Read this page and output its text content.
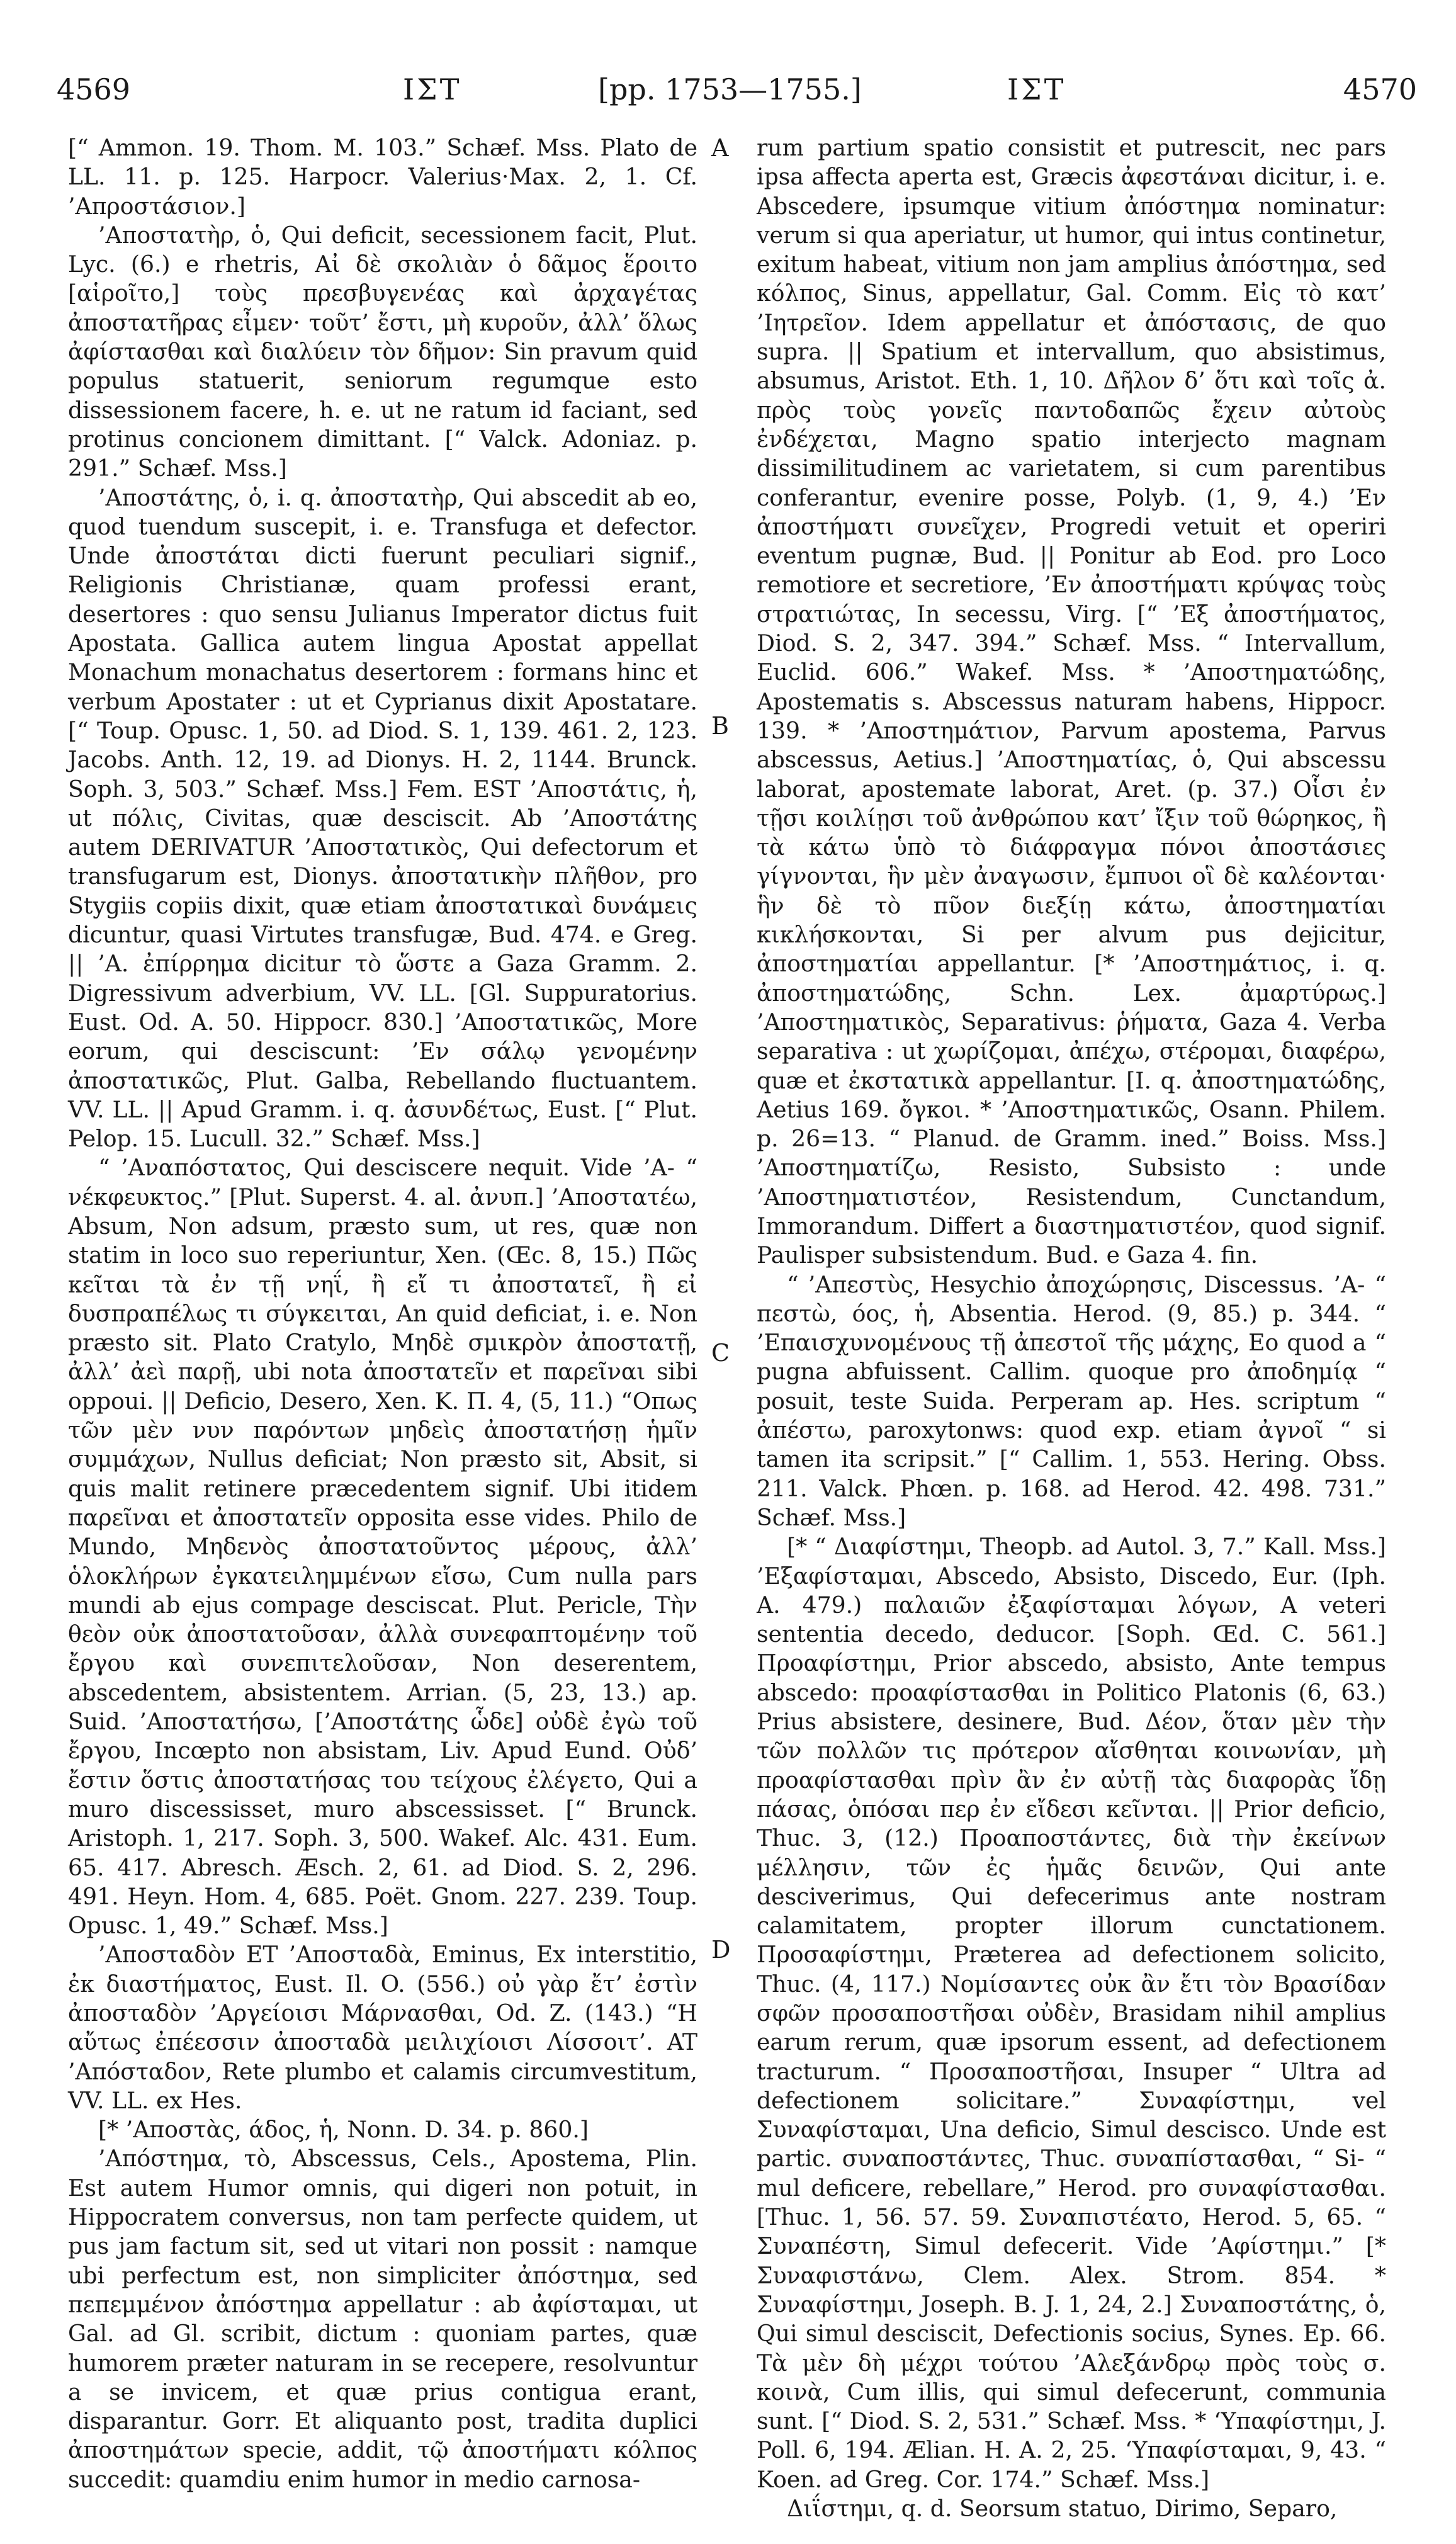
4569	ΙΣΤ	[pp. 1753—1755.]	ΙΣΤ	4570

[“ Ammon. 19. Thom. M. 103.” Schæf. Mss. Plato de LL. 11. p. 125. Harpocr. Valerius·Max. 2, 1. Cf. ’Απροστάσιον.]

’Αποστατὴρ, ὁ, Qui deficit, secessionem facit, Plut. Lyc. (6.) e rhetris, Αἰ δὲ σκολιὰν ὁ δᾶμος ἕροιτο [αἱροῖτο,] τοὺς πρεσβυγενέας καὶ ἀρχαγέτας ἀποστατῆρας εἶμεν· τοῦτ’ ἔστι, μὴ κυροῦν, ἀλλ’ ὅλως ἀφίστασθαι καὶ διαλύειν τὸν δῆμον: Sin pravum quid populus statuerit, seniorum regumque esto dissessionem facere, h. e. ut ne ratum id faciant, sed protinus concionem dimittant. [“ Valck. Adoniaz. p. 291.” Schæf. Mss.]

’Αποστάτης, ὁ, i. q. ἀποστατὴρ, Qui abscedit ab eo, quod tuendum suscepit, i. e. Transfuga et defector. Unde ἀποστάται dicti fuerunt peculiari signif., Religionis Christianæ, quam professi erant, desertores : quo sensu Julianus Imperator dictus fuit Apostata. Gallica autem lingua Apostat appellat Monachum monachatus desertorem : formans hinc et verbum Apostater : ut et Cyprianus dixit Apostatare. [“ Toup. Opusc. 1, 50. ad Diod. S. 1, 139. 461. 2, 123. Jacobs. Anth. 12, 19. ad Dionys. H. 2, 1144. Brunck. Soph. 3, 503.” Schæf. Mss.] Fem. EST ’Αποστάτις, ἡ, ut πόλις, Civitas, quæ desciscit. Ab ’Αποστάτης autem DERIVATUR ’Αποστατικὸς, Qui defectorum et transfugarum est, Dionys. ἀποστατικὴν πλῆθον, pro Stygiis copiis dixit, quæ etiam ἀποστατικαὶ δυνάμεις dicuntur, quasi Virtutes transfugæ, Bud. 474. e Greg. || ’Α. ἐπίρρημα dicitur τὸ ὥστε a Gaza Gramm. 2. Digressivum adverbium, VV. LL. [Gl. Suppuratorius. Eust. Od. A. 50. Hippocr. 830.] ’Αποστατικῶς, More eorum, qui desciscunt: ’Εν σάλῳ γενομένην ἀποστατικῶς, Plut. Galba, Rebellando fluctuantem. VV. LL. || Apud Gramm. i. q. ἀσυνδέτως, Eust. [“ Plut. Pelop. 15. Lucull. 32.” Schæf. Mss.]

“ ’Αναπόστατος, Qui desciscere nequit. Vide ’Α- “ νέκφευκτος.” [Plut. Superst. 4. al. ἀνυπ.] ’Αποστατέω, Absum, Non adsum, præsto sum, ut res, quæ non statim in loco suo reperiuntur, Xen. (Œc. 8, 15.) Πῶς κεῖται τὰ ἐν τῇ νηΐ, ἢ εἴ τι ἀποστατεῖ, ἢ εἰ δυσπραπέλως τι σύγκειται, An quid deficiat, i. e. Non præsto sit. Plato Cratylo, Μηδὲ σμικρὸν ἀποστατῇ, ἀλλ’ ἀεὶ παρῇ, ubi nota ἀποστατεῖν et παρεῖναι sibi oppoui. || Deficio, Desero, Xen. K. Π. 4, (5, 11.) “Οπως τῶν μὲν νυν παρόντων μηδεὶς ἀποστατήσῃ ἡμῖν συμμάχων, Nullus deficiat; Non præsto sit, Absit, si quis malit retinere præcedentem signif. Ubi itidem παρεῖναι et ἀποστατεῖν opposita esse vides. Philo de Mundo, Μηδενὸς ἀποστατοῦντος μέρους, ἀλλ’ ὁλοκλήρων ἐγκατειλημμένων εἴσω, Cum nulla pars mundi ab ejus compage desciscat. Plut. Pericle, Τὴν θεὸν οὐκ ἀποστατοῦσαν, ἀλλὰ συνεφαπτομένην τοῦ ἔργου καὶ συνεπιτελοῦσαν, Non deserentem, abscedentem, absistentem. Arrian. (5, 23, 13.) ap. Suid. ’Αποστατήσω, [’Αποστάτης ὧδε] οὐδὲ ἐγὼ τοῦ ἔργου, Incœpto non absistam, Liv. Apud Eund. Οὐδ’ ἔστιν ὅστις ἀποστατήσας του τείχους ἐλέγετο, Qui a muro discessisset, muro abscessisset. [“ Brunck. Aristoph. 1, 217. Soph. 3, 500. Wakef. Alc. 431. Eum. 65. 417. Abresch. Æsch. 2, 61. ad Diod. S. 2, 296. 491. Heyn. Hom. 4, 685. Poët. Gnom. 227. 239. Toup. Opusc. 1, 49.” Schæf. Mss.]

’Αποσταδὸν ET ’Αποσταδὰ, Eminus, Ex interstitio, ἐκ διαστήματος, Eust. Il. O. (556.) οὐ γὰρ ἔτ’ ἐστὶν ἀποσταδὸν ’Αργείοισι Μάρνασθαι, Od. Z. (143.) “Η αὔτως ἐπέεσσιν ἀποσταδὰ μειλιχίοισι Λίσσοιτ’. AT ’Απόσταδον, Rete plumbo et calamis circumvestitum, VV. LL. ex Hes.

[* ’Αποστὰς, άδος, ἡ, Nonn. D. 34. p. 860.]

’Απόστημα, τὸ, Abscessus, Cels., Apostema, Plin. Est autem Humor omnis, qui digeri non potuit, in Hippocratem conversus, non tam perfecte quidem, ut pus jam factum sit, sed ut vitari non possit : namque ubi perfectum est, non simpliciter ἀπόστημα, sed πεπεμμένον ἀπόστημα appellatur : ab ἀφίσταμαι, ut Gal. ad Gl. scribit, dictum : quoniam partes, quæ humorem præter naturam in se recepere, resolvuntur a se invicem, et quæ prius contigua erant, disparantur. Gorr. Et aliquanto post, tradita duplici ἀποστημάτων specie, addit, τῷ ἀποστήματι κόλπος succedit: quamdiu enim humor in medio carnosa-

A
B
C
D

rum partium spatio consistit et putrescit, nec pars ipsa affecta aperta est, Græcis ἀφεστάναι dicitur, i. e. Abscedere, ipsumque vitium ἀπόστημα nominatur: verum si qua aperiatur, ut humor, qui intus continetur, exitum habeat, vitium non jam amplius ἀπόστημα, sed κόλπος, Sinus, appellatur, Gal. Comm. Εἰς τὸ κατ’ ’Ιητρεῖον. Idem appellatur et ἀπόστασις, de quo supra. || Spatium et intervallum, quo absistimus, absumus, Aristot. Eth. 1, 10. Δῆλον δ’ ὅτι καὶ τοῖς ἀ. πρὸς τοὺς γονεῖς παντοδαπῶς ἔχειν αὐτοὺς ἐνδέχεται, Magno spatio interjecto magnam dissimilitudinem ac varietatem, si cum parentibus conferantur, evenire posse, Polyb. (1, 9, 4.) ’Εν ἀποστήματι συνεῖχεν, Progredi vetuit et operiri eventum pugnæ, Bud. || Ponitur ab Eod. pro Loco remotiore et secretiore, ’Εν ἀποστήματι κρύψας τοὺς στρατιώτας, In secessu, Virg. [“ ’Εξ ἀποστήματος, Diod. S. 2, 347. 394.” Schæf. Mss. “ Intervallum, Euclid. 606.” Wakef. Mss. * ’Αποστηματώδης, Apostematis s. Abscessus naturam habens, Hippocr. 139. * ’Αποστημάτιον, Parvum apostema, Parvus abscessus, Aetius.] ’Αποστηματίας, ὁ, Qui abscessu laborat, apostemate laborat, Aret. (p. 37.) Οἷσι ἐν τῇσι κοιλίῃσι τοῦ ἀνθρώπου κατ’ ἴξιν τοῦ θώρηκος, ἢ τὰ κάτω ὑπὸ τὸ διάφραγμα πόνοι ἀποστάσιες γίγνονται, ἣν μὲν ἀναγωσιν, ἔμπυοι οἳ δὲ καλέονται· ἣν δὲ τὸ πῦον διεξίῃ κάτω, ἀποστηματίαι κικλήσκονται, Si per alvum pus dejicitur, ἀποστηματίαι appellantur. [* ’Αποστημάτιος, i. q. ἀποστηματώδης, Schn. Lex. ἀμαρτύρως.] ’Αποστηματικὸς, Separativus: ῥήματα, Gaza 4. Verba separativa : ut χωρίζομαι, ἀπέχω, στέρομαι, διαφέρω, quæ et ἐκστατικὰ appellantur. [I. q. ἀποστηματώδης, Aetius 169. ὄγκοι. * ’Αποστηματικῶς, Osann. Philem. p. 26=13. “ Planud. de Gramm. ined.” Boiss. Mss.] ’Αποστηματίζω, Resisto, Subsisto : unde ’Αποστηματιστέον, Resistendum, Cunctandum, Immorandum. Differt a διαστηματιστέον, quod signif. Paulisper subsistendum. Bud. e Gaza 4. fin.

“ ’Απεστὺς, Hesychio ἀποχώρησις, Discessus. ’Α- “ πεστὼ, όος, ἡ, Absentia. Herod. (9, 85.) p. 344. “ ’Επαισχυνομένους τῇ ἀπεστοῖ τῆς μάχης, Eo quod a “ pugna abfuissent. Callim. quoque pro ἀποδημίᾳ “ posuit, teste Suida. Perperam ap. Hes. scriptum “ ἀπέστω, paroxytonws: quod exp. etiam ἀγνοῖ “ si tamen ita scripsit.” [“ Callim. 1, 553. Hering. Obss. 211. Valck. Phœn. p. 168. ad Herod. 42. 498. 731.” Schæf. Mss.]

[* “ Διαφίστημι, Theopb. ad Autol. 3, 7.” Kall. Mss.] ’Εξαφίσταμαι, Abscedo, Absisto, Discedo, Eur. (Iph. A. 479.) παλαιῶν ἐξαφίσταμαι λόγων, A veteri sententia decedo, deducor. [Soph. Œd. C. 561.] Προαφίστημι, Prior abscedo, absisto, Ante tempus abscedo: προαφίστασθαι in Politico Platonis (6, 63.) Prius absistere, desinere, Bud. Δέον, ὅταν μὲν τὴν τῶν πολλῶν τις πρότερον αἴσθηται κοινωνίαν, μὴ προαφίστασθαι πρὶν ἂν ἐν αὐτῇ τὰς διαφορὰς ἴδῃ πάσας, ὁπόσαι περ ἐν εἴδεσι κεῖνται. || Prior deficio, Thuc. 3, (12.) Προαποστάντες, διὰ τὴν ἐκείνων μέλλησιν, τῶν ἐς ἡμᾶς δεινῶν, Qui ante desciverimus, Qui defecerimus ante nostram calamitatem, propter illorum cunctationem. Προσαφίστημι, Præterea ad defectionem solicito, Thuc. (4, 117.) Νομίσαντες οὐκ ἂν ἔτι τὸν Βρασίδαν σφῶν προσαποστῆσαι οὐδὲν, Brasidam nihil amplius earum rerum, quæ ipsorum essent, ad defectionem tracturum. “ Προσαποστῆσαι, Insuper “ Ultra ad defectionem solicitare.” Συναφίστημι, vel Συναφίσταμαι, Una deficio, Simul descisco. Unde est partic. συναποστάντες, Thuc. συναπίστασθαι, “ Si- “ mul deficere, rebellare,” Herod. pro συναφίστασθαι. [Thuc. 1, 56. 57. 59. Συναπιστέατο, Herod. 5, 65. “ Συναπέστη, Simul defecerit. Vide ’Αφίστημι.” [* Συναφιστάνω, Clem. Alex. Strom. 854. * Συναφίστημι, Joseph. B. J. 1, 24, 2.] Συναποστάτης, ὁ, Qui simul desciscit, Defectionis socius, Synes. Ep. 66. Τὰ μὲν δὴ μέχρι τούτου ’Αλεξάνδρῳ πρὸς τοὺς σ. κοινὰ, Cum illis, qui simul defecerunt, communia sunt. [“ Diod. S. 2, 531.” Schæf. Mss. * ‘Υπαφίστημι, J. Poll. 6, 194. Ælian. H. A. 2, 25. ‘Υπαφίσταμαι, 9, 43. “ Koen. ad Greg. Cor. 174.” Schæf. Mss.]

Διΐστημι, q. d. Seorsum statuo, Dirimo, Separo,
